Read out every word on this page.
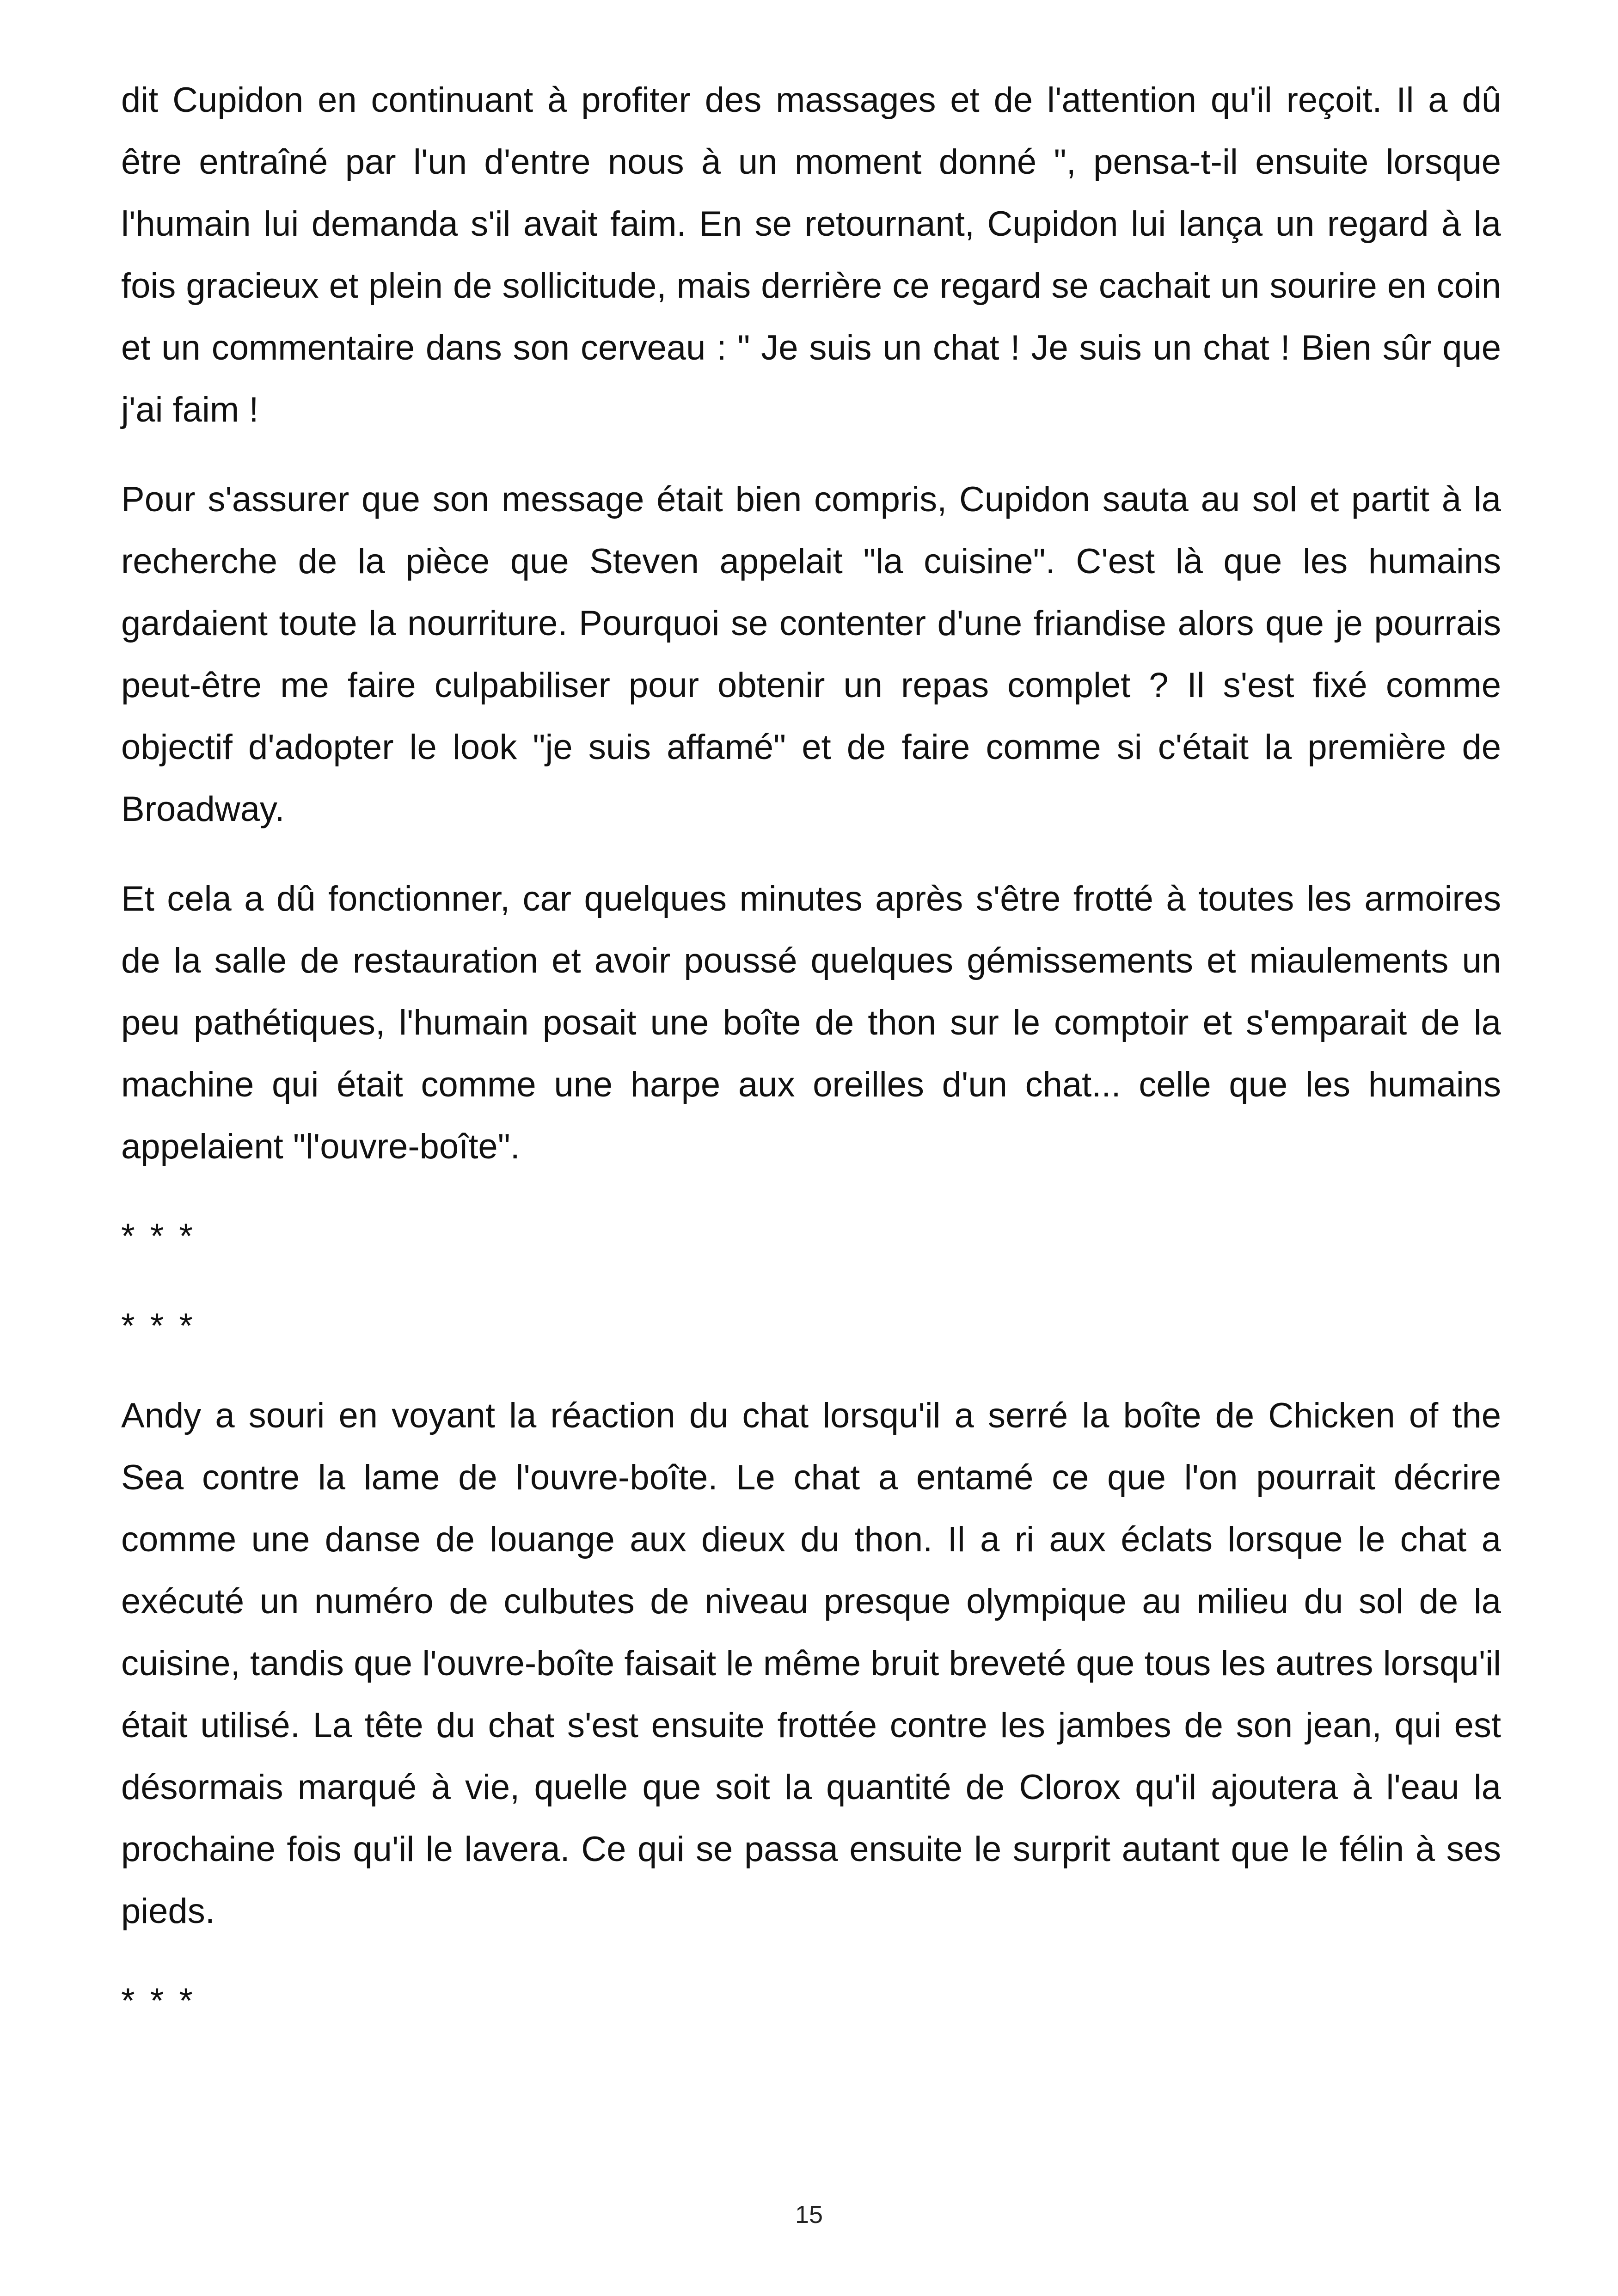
dit Cupidon en continuant à profiter des massages et de l'attention qu'il reçoit. Il a dû être entraîné par l'un d'entre nous à un moment donné ", pensa-t-il ensuite lorsque l'humain lui demanda s'il avait faim. En se retournant, Cupidon lui lança un regard à la fois gracieux et plein de sollicitude, mais derrière ce regard se cachait un sourire en coin et un commentaire dans son cerveau : " Je suis un chat ! Je suis un chat ! Bien sûr que j'ai faim !

Pour s'assurer que son message était bien compris, Cupidon sauta au sol et partit à la recherche de la pièce que Steven appelait "la cuisine". C'est là que les humains gardaient toute la nourriture. Pourquoi se contenter d'une friandise alors que je pourrais peut-être me faire culpabiliser pour obtenir un repas complet ? Il s'est fixé comme objectif d'adopter le look "je suis affamé" et de faire comme si c'était la première de Broadway.

Et cela a dû fonctionner, car quelques minutes après s'être frotté à toutes les armoires de la salle de restauration et avoir poussé quelques gémissements et miaulements un peu pathétiques, l'humain posait une boîte de thon sur le comptoir et s'emparait de la machine qui était comme une harpe aux oreilles d'un chat... celle que les humains appelaient "l'ouvre-boîte".

* * *

* * *

Andy a souri en voyant la réaction du chat lorsqu'il a serré la boîte de Chicken of the Sea contre la lame de l'ouvre-boîte. Le chat a entamé ce que l'on pourrait décrire comme une danse de louange aux dieux du thon. Il a ri aux éclats lorsque le chat a exécuté un numéro de culbutes de niveau presque olympique au milieu du sol de la cuisine, tandis que l'ouvre-boîte faisait le même bruit breveté que tous les autres lorsqu'il était utilisé. La tête du chat s'est ensuite frottée contre les jambes de son jean, qui est désormais marqué à vie, quelle que soit la quantité de Clorox qu'il ajoutera à l'eau la prochaine fois qu'il le lavera. Ce qui se passa ensuite le surprit autant que le félin à ses pieds.

* * *

15
